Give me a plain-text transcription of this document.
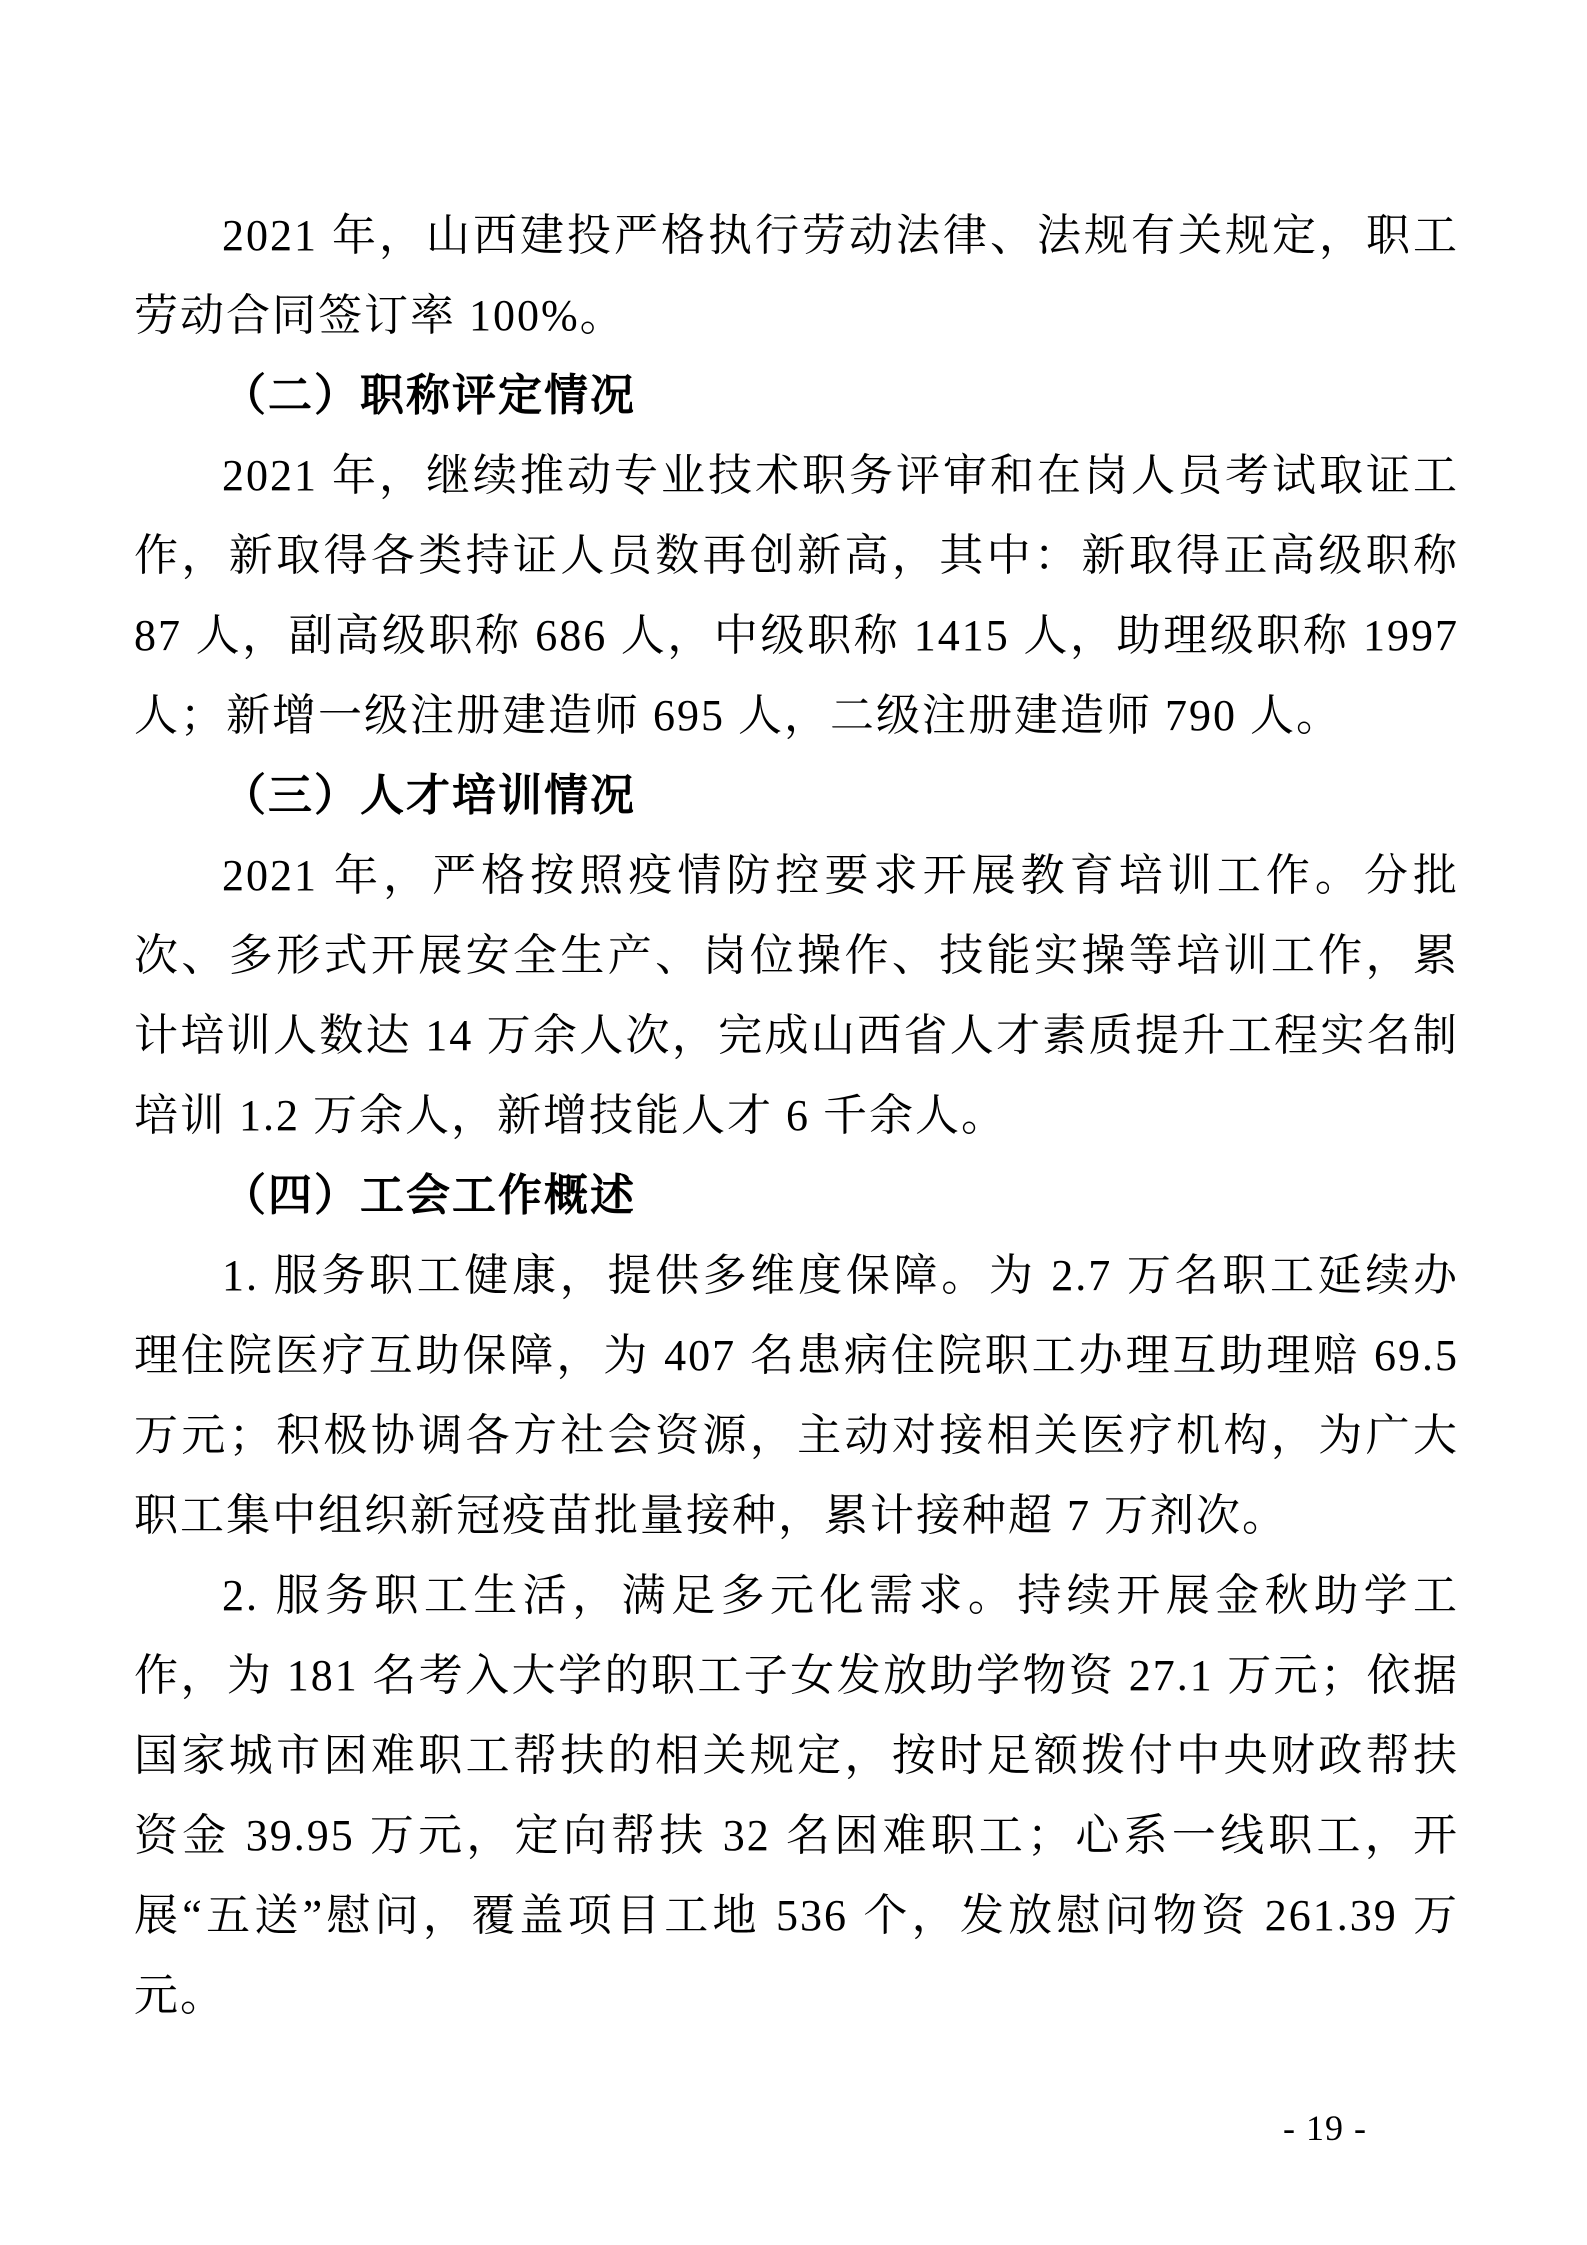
2021 年，山西建投严格执行劳动法律、法规有关规定，职工劳动合同签订率 100%。

（二）职称评定情况

2021 年，继续推动专业技术职务评审和在岗人员考试取证工作，新取得各类持证人员数再创新高，其中：新取得正高级职称 87 人，副高级职称 686 人，中级职称 1415 人，助理级职称 1997 人；新增一级注册建造师 695 人，二级注册建造师 790 人。

（三）人才培训情况

2021 年，严格按照疫情防控要求开展教育培训工作。分批次、多形式开展安全生产、岗位操作、技能实操等培训工作，累计培训人数达 14 万余人次，完成山西省人才素质提升工程实名制培训 1.2 万余人，新增技能人才 6 千余人。

（四）工会工作概述

1. 服务职工健康，提供多维度保障。为 2.7 万名职工延续办理住院医疗互助保障，为 407 名患病住院职工办理互助理赔 69.5 万元；积极协调各方社会资源，主动对接相关医疗机构，为广大职工集中组织新冠疫苗批量接种，累计接种超 7 万剂次。

2. 服务职工生活，满足多元化需求。持续开展金秋助学工作，为 181 名考入大学的职工子女发放助学物资 27.1 万元；依据国家城市困难职工帮扶的相关规定，按时足额拨付中央财政帮扶资金 39.95 万元，定向帮扶 32 名困难职工；心系一线职工，开展“五送”慰问，覆盖项目工地 536 个，发放慰问物资 261.39 万元。

- 19 -
